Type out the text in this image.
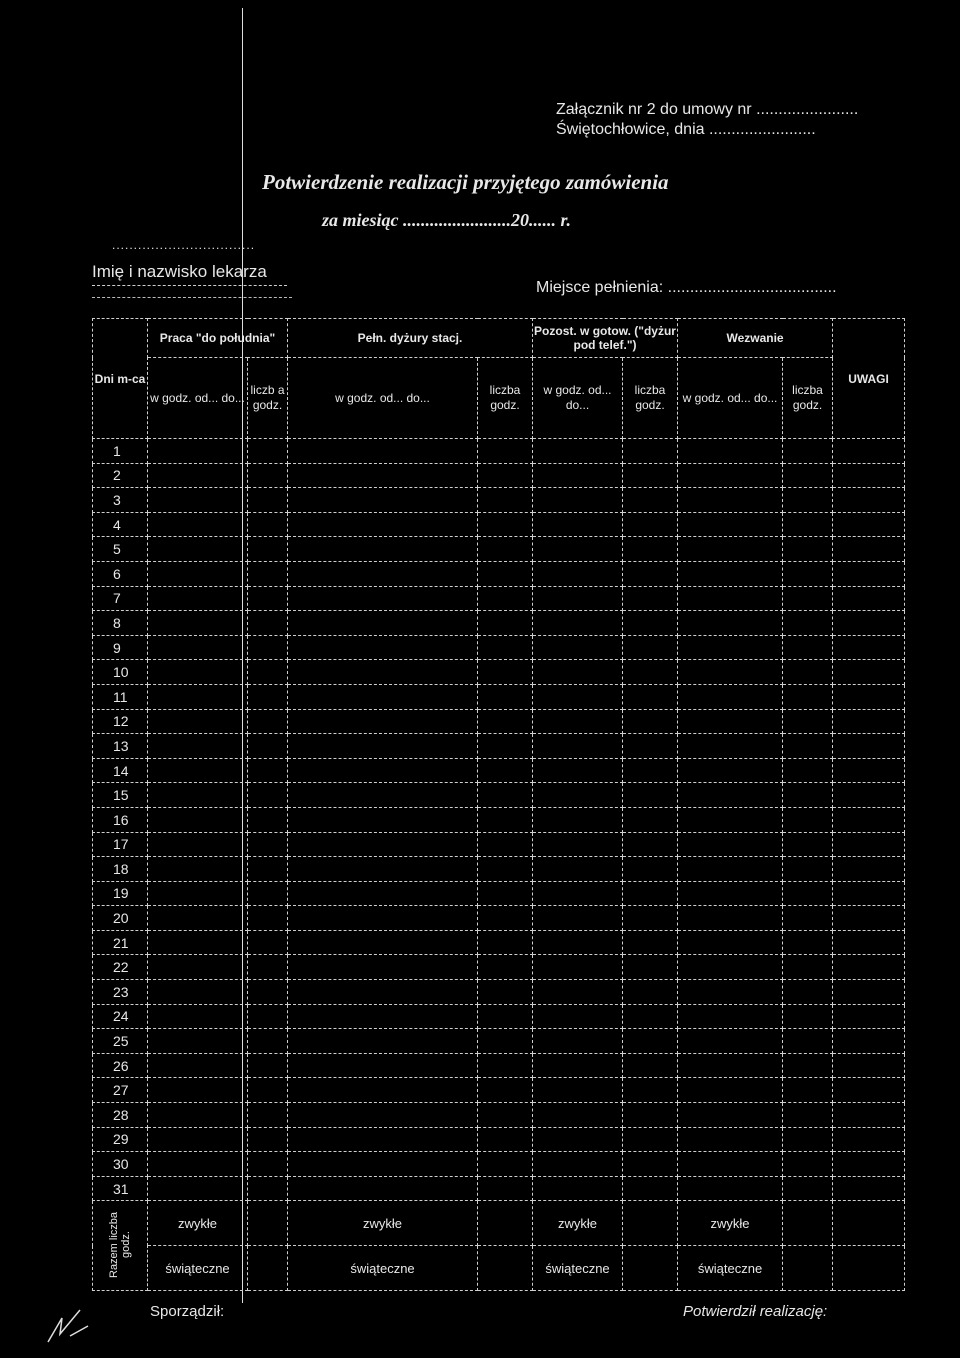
Załącznik nr 2 do umowy nr .......................
Świętochłowice, dnia ........................
Potwierdzenie realizacji przyjętego zamówienia
za miesiąc ........................20...... r.
.................................
Imię i nazwisko lekarza
Miejsce pełnienia: ......................................
Dni m-ca	Praca "do południa"		Pełn. dyżury stacj.		Pozost. w gotow. ("dyżur pod telef.")		Wezwanie		UWAGI
	w godz. od... do...	liczb a godz.	w godz. od... do...	liczba godz.	w godz. od... do...	liczba godz.	w godz. od... do...	liczba godz.	
1									
2									
3									
4									
5									
6									
7									
8									
9									
10									
11									
12									
13									
14									
15									
16									
17									
18									
19									
20									
21									
22									
23									
24									
25									
26									
27									
28									
29									
30									
31									
Razem liczba godz.	zwykłe		zwykłe		zwykłe		zwykłe		
	świąteczne		świąteczne		świąteczne		świąteczne		
Sporządził:	Potwierdził realizację:
